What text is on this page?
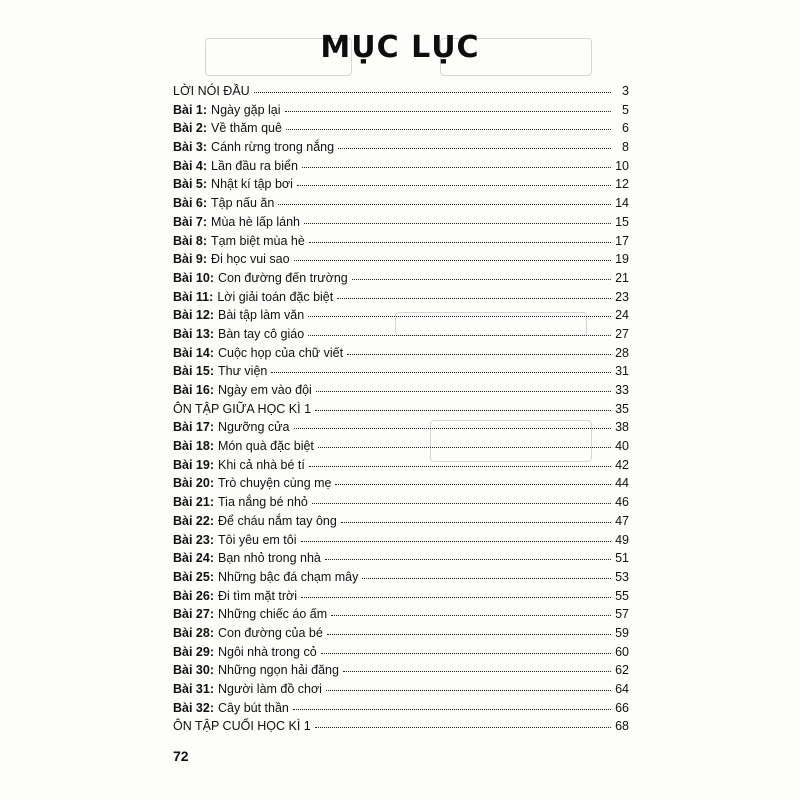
MỤC LỤC
LỜI NÓI ĐẦU	3
Bài 1: Ngày gặp lại	5
Bài 2: Về thăm quê	6
Bài 3: Cánh rừng trong nắng	8
Bài 4: Lần đầu ra biển	10
Bài 5: Nhật kí tập bơi	12
Bài 6: Tập nấu ăn	14
Bài 7: Mùa hè lấp lánh	15
Bài 8: Tạm biệt mùa hè	17
Bài 9: Đi học vui sao	19
Bài 10: Con đường đến trường	21
Bài 11: Lời giải toán đặc biệt	23
Bài 12: Bài tập làm văn	24
Bài 13: Bàn tay cô giáo	27
Bài 14: Cuộc họp của chữ viết	28
Bài 15: Thư viện	31
Bài 16: Ngày em vào đội	33
ÔN TẬP GIỮA HỌC KÌ 1	35
Bài 17: Ngưỡng cửa	38
Bài 18: Món quà đặc biệt	40
Bài 19: Khi cả nhà bé tí	42
Bài 20: Trò chuyện cùng mẹ	44
Bài 21: Tia nắng bé nhỏ	46
Bài 22: Để cháu nắm tay ông	47
Bài 23: Tôi yêu em tôi	49
Bài 24: Bạn nhỏ trong nhà	51
Bài 25: Những bậc đá chạm mây	53
Bài 26: Đi tìm mặt trời	55
Bài 27: Những chiếc áo ấm	57
Bài 28: Con đường của bé	59
Bài 29: Ngôi nhà trong cỏ	60
Bài 30: Những ngọn hải đăng	62
Bài 31: Người làm đồ chơi	64
Bài 32: Cây bút thần	66
ÔN TẬP CUỐI HỌC KÌ 1	68
72
